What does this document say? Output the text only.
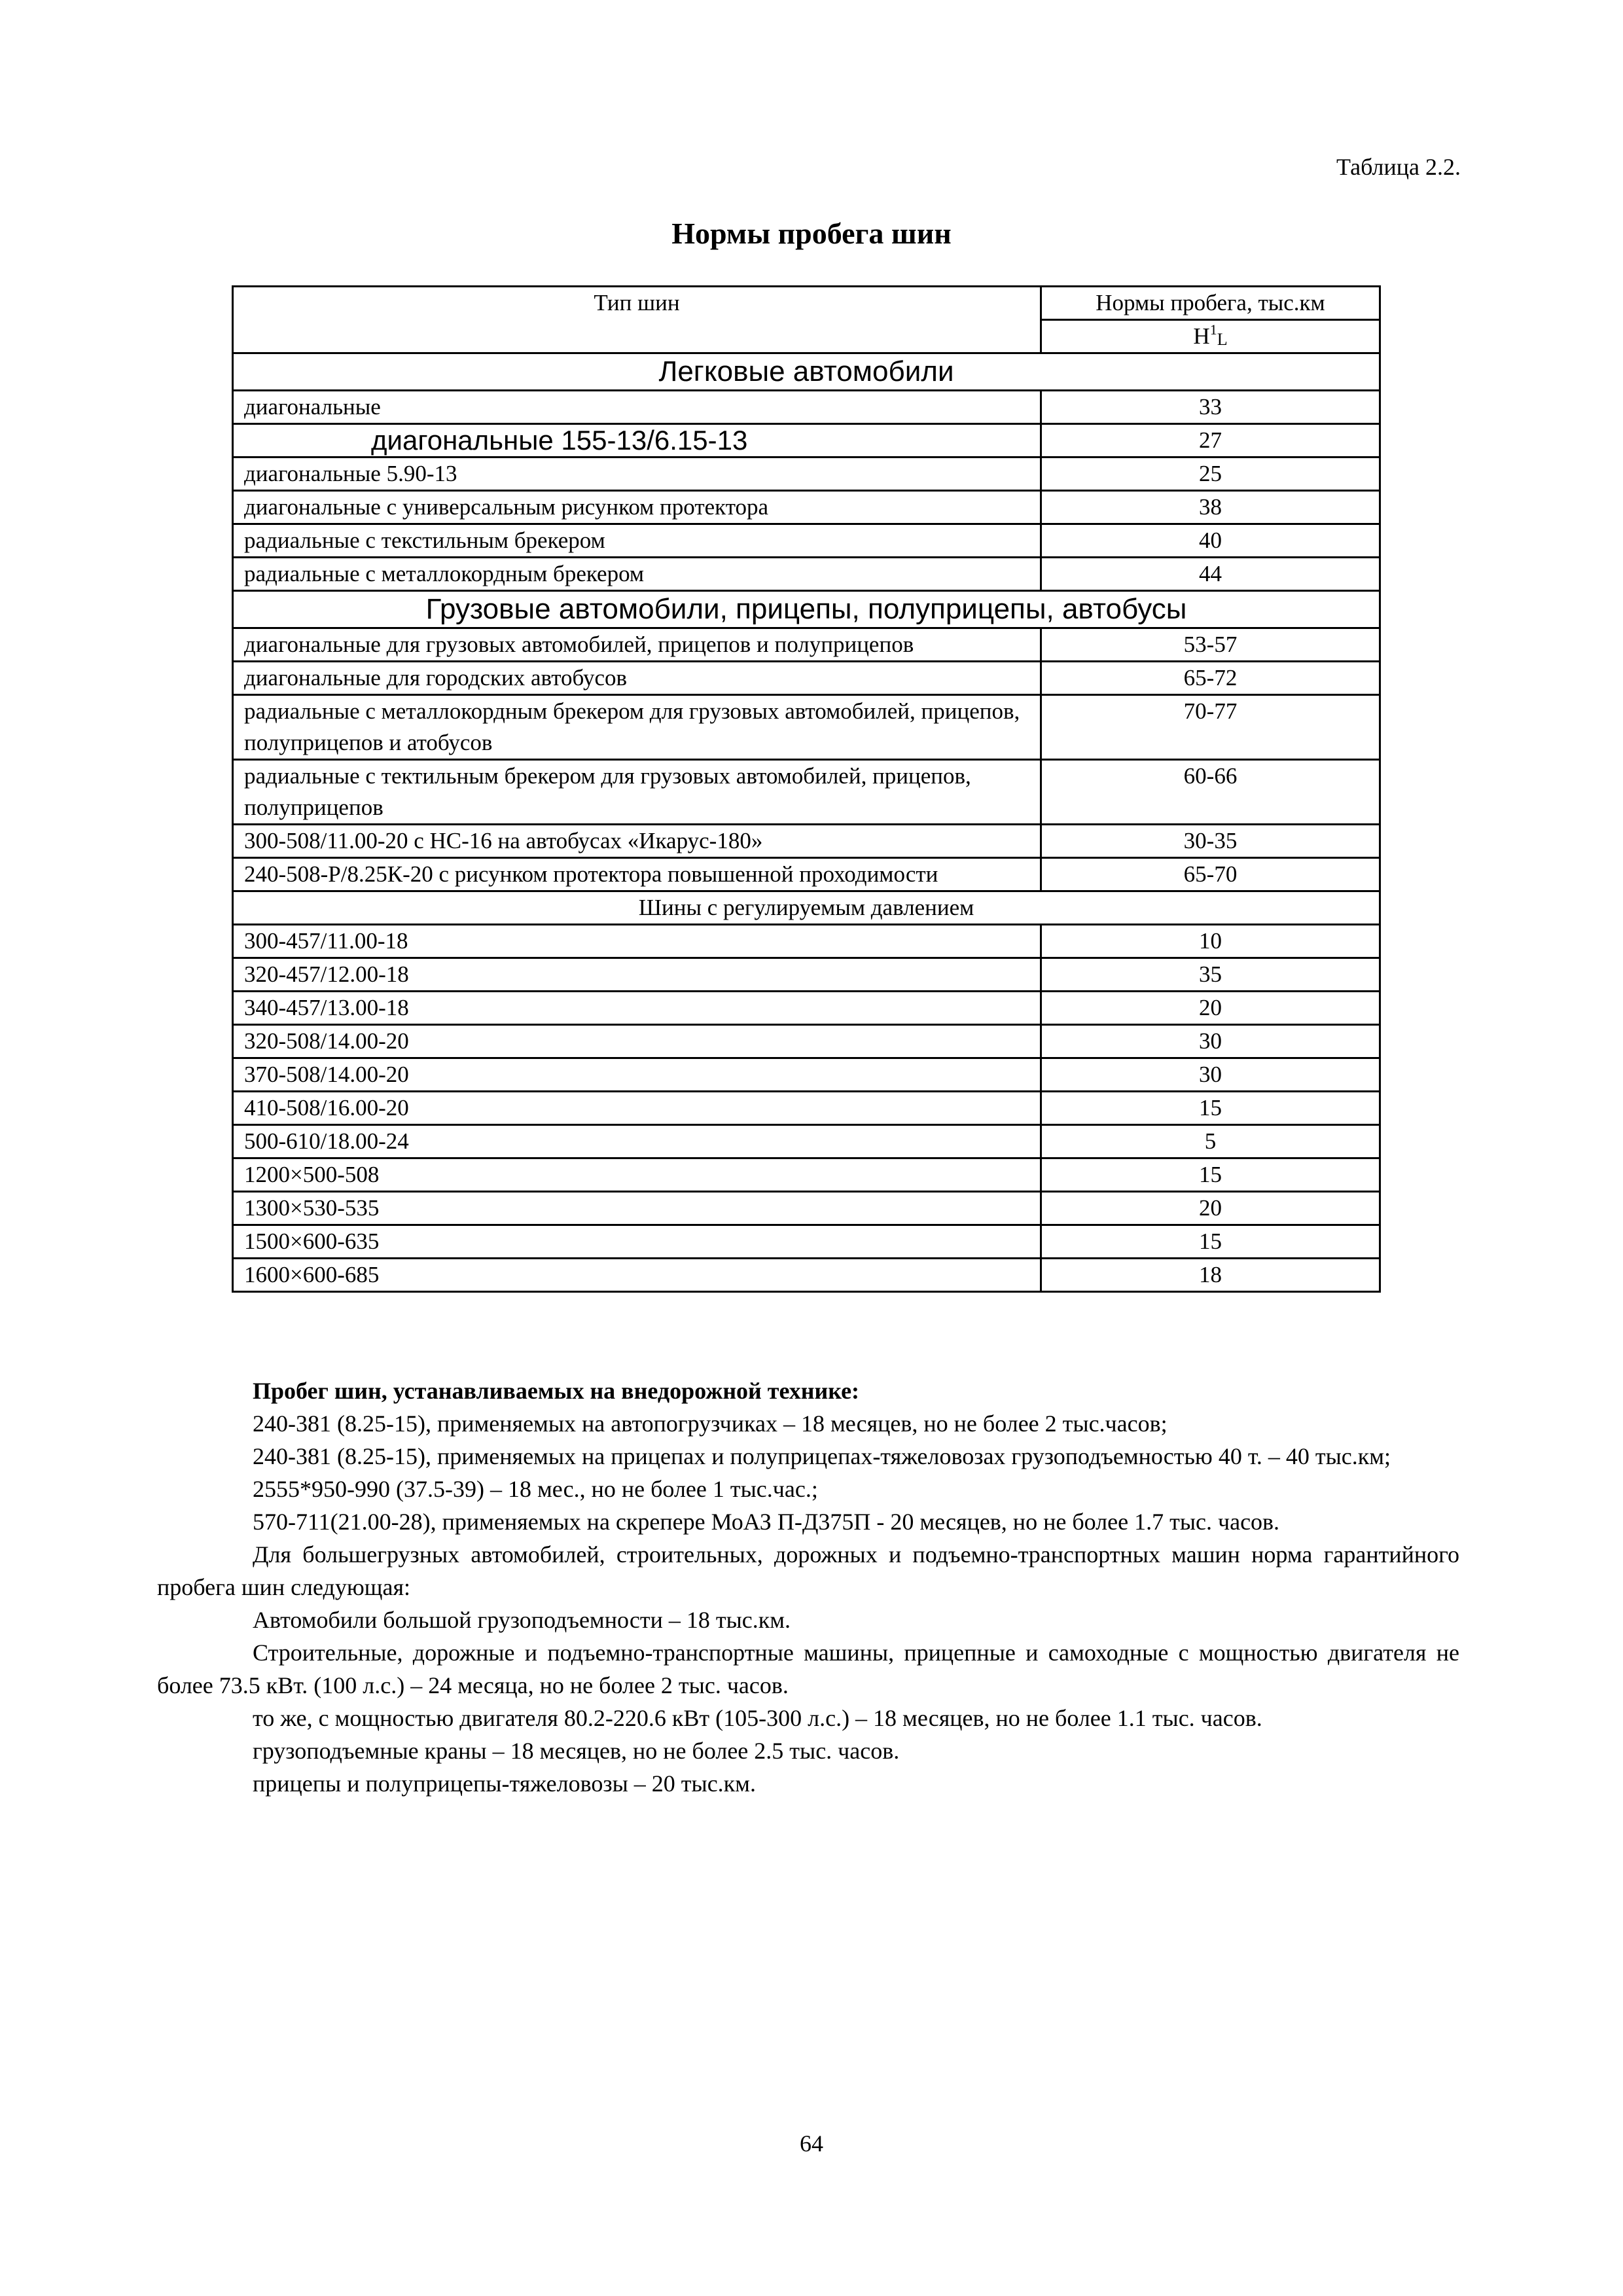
Таблица 2.2.
Нормы пробега шин
Тип шин	Нормы пробега, тыс.км
	$Н^1_L$
Легковые автомобили	
диагональные	33
диагональные 155-13/6.15-13	27
диагональные 5.90-13	25
диагональные с универсальным рисунком протектора	38
радиальные с текстильным брекером	40
радиальные с металлокордным брекером	44
Грузовые автомобили, прицепы, полуприцепы, автобусы	
диагональные для грузовых автомобилей, прицепов и полуприцепов	53-57
диагональные для городских автобусов	65-72
радиальные с металлокордным брекером для грузовых автомобилей, прицепов, полуприцепов и атобусов	70-77
радиальные с тектильным брекером для грузовых автомобилей, прицепов, полуприцепов	60-66
300-508/11.00-20 с НС-16 на автобусах «Икарус-180»	30-35
240-508-Р/8.25К-20 с рисунком протектора повышенной проходимости	65-70
Шины с регулируемым давлением	
300-457/11.00-18	10
320-457/12.00-18	35
340-457/13.00-18	20
320-508/14.00-20	30
370-508/14.00-20	30
410-508/16.00-20	15
500-610/18.00-24	5
1200×500-508	15
1300×530-535	20
1500×600-635	15
1600×600-685	18

Пробег шин, устанавливаемых на внедорожной технике:

240-381 (8.25-15), применяемых на автопогрузчиках – 18 месяцев, но не более 2 тыс.часов;

240-381 (8.25-15), применяемых на прицепах и полуприцепах-тяжеловозах грузоподъемностью 40 т. – 40 тыс.км;

2555*950-990 (37.5-39) – 18 мес., но не более 1 тыс.час.;

570-711(21.00-28), применяемых на скрепере МоАЗ П-Д375П - 20 месяцев, но не более 1.7 тыс. часов.

Для большегрузных автомобилей, строительных, дорожных и подъемно-транспортных машин норма гарантийного пробега шин следующая:

Автомобили большой грузоподъемности – 18 тыс.км.

Строительные, дорожные и подъемно-транспортные машины, прицепные и самоходные с мощностью двигателя не более 73.5 кВт. (100 л.с.) – 24 месяца, но не более 2 тыс. часов.

то же, с мощностью двигателя 80.2-220.6 кВт (105-300 л.с.) – 18 месяцев, но не более 1.1 тыс. часов.

грузоподъемные краны – 18 месяцев, но не более 2.5 тыс. часов.

прицепы и полуприцепы-тяжеловозы – 20 тыс.км.

64
